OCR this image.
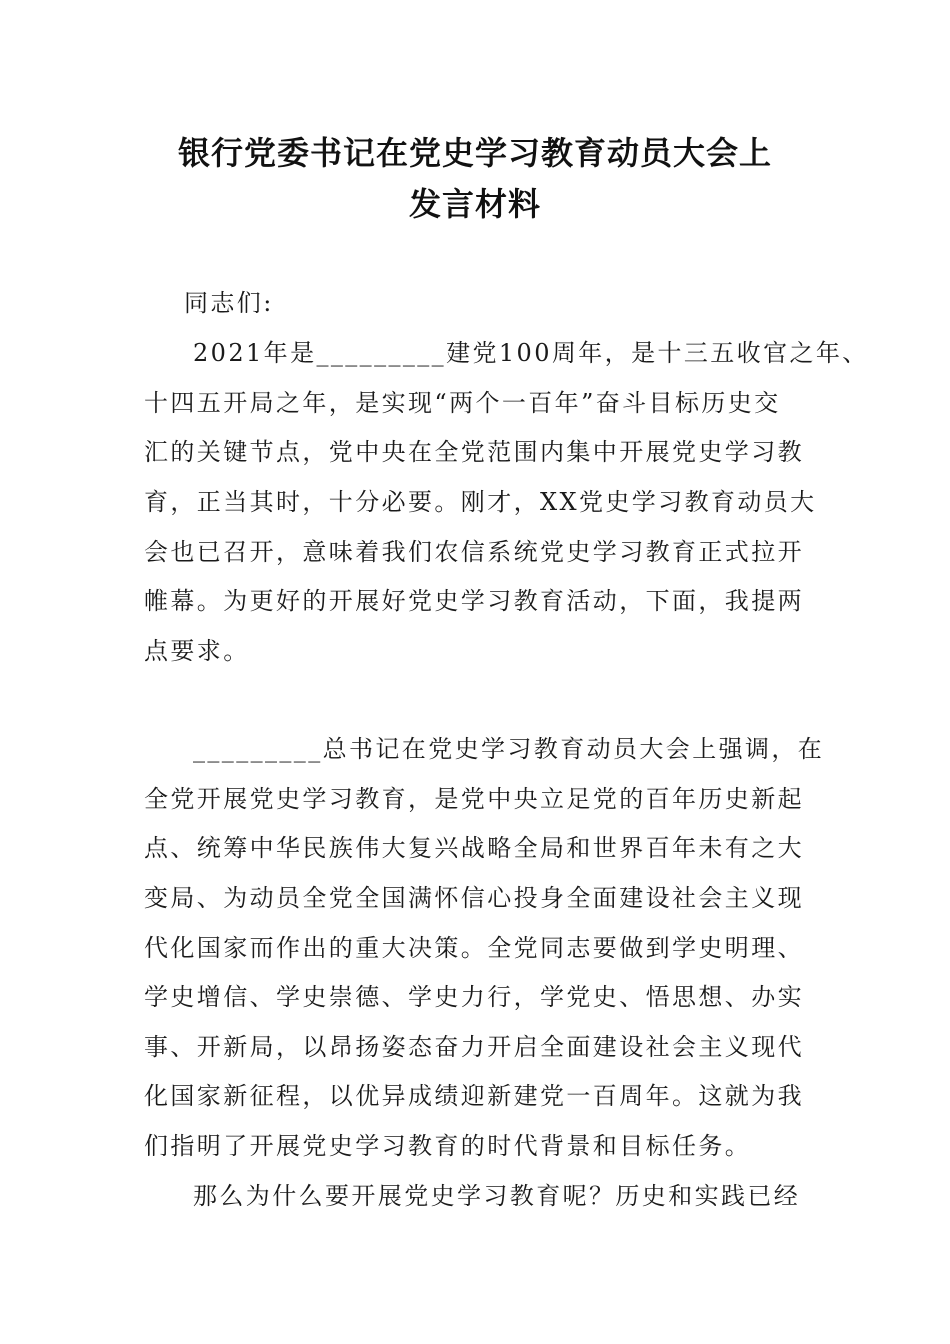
银行党委书记在党史学习教育动员大会上
发言材料
同志们:
2021年是_________建党100周年，是十三五收官之年、
十四五开局之年，是实现“两个一百年”奋斗目标历史交
汇的关键节点，党中央在全党范围内集中开展党史学习教
育，正当其时，十分必要。刚才，XX党史学习教育动员大
会也已召开，意味着我们农信系统党史学习教育正式拉开
帷幕。为更好的开展好党史学习教育活动，下面，我提两
点要求。
_________总书记在党史学习教育动员大会上强调，在
全党开展党史学习教育，是党中央立足党的百年历史新起
点、统筹中华民族伟大复兴战略全局和世界百年未有之大
变局、为动员全党全国满怀信心投身全面建设社会主义现
代化国家而作出的重大决策。全党同志要做到学史明理、
学史增信、学史崇德、学史力行，学党史、悟思想、办实
事、开新局，以昂扬姿态奋力开启全面建设社会主义现代
化国家新征程，以优异成绩迎新建党一百周年。这就为我
们指明了开展党史学习教育的时代背景和目标任务。
那么为什么要开展党史学习教育呢？历史和实践已经
